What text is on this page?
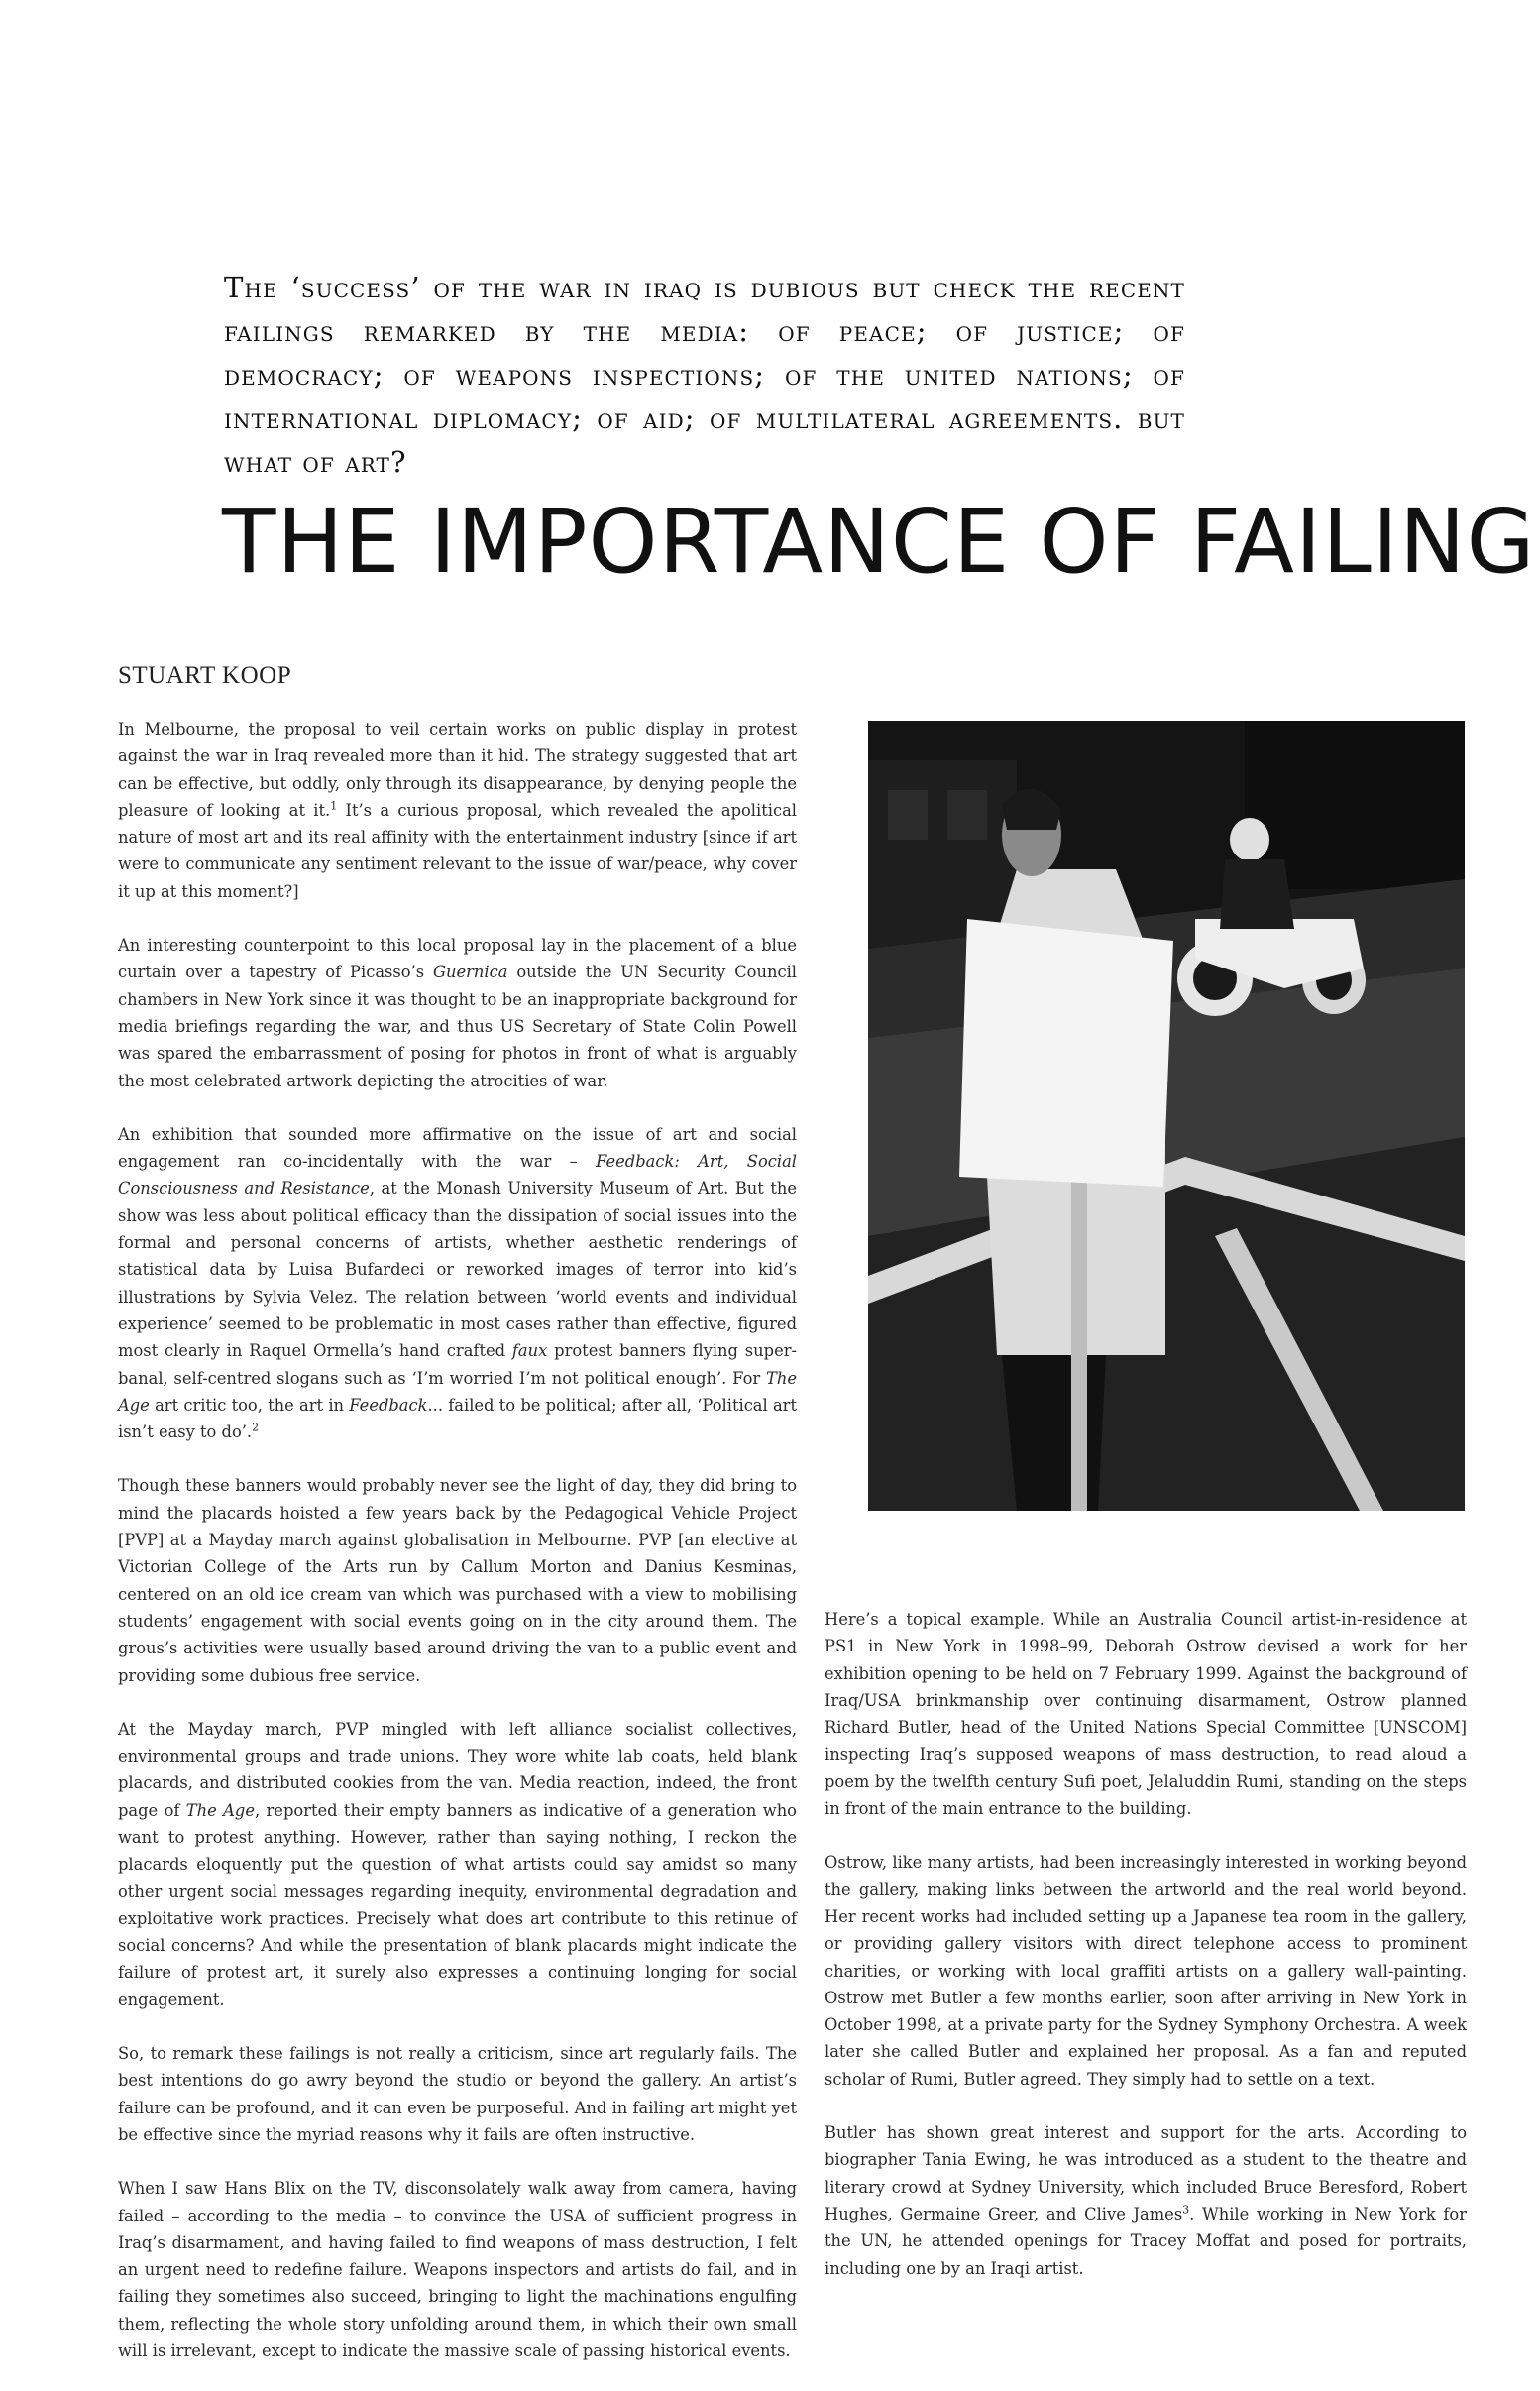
The ‘success’ of the war in iraq is dubious but check the recent failings remarked by the media: of peace; of justice; of democracy; of weapons inspections; of the united nations; of international diplomacy; of aid; of multilateral agreements. but what of art?

THE IMPORTANCE OF FAILING
STUART KOOP

In Melbourne, the proposal to veil certain works on public display in protest against the war in Iraq revealed more than it hid. The strategy suggested that art can be effective, but oddly, only through its disappearance, by denying people the pleasure of looking at it.$^1$ It’s a curious proposal, which revealed the apolitical nature of most art and its real affinity with the entertainment industry [since if art were to communicate any sentiment relevant to the issue of war/peace, why cover it up at this moment?]

An interesting counterpoint to this local proposal lay in the placement of a blue curtain over a tapestry of Picasso’s Guernica outside the UN Security Council chambers in New York since it was thought to be an inappropriate background for media briefings regarding the war, and thus US Secretary of State Colin Powell was spared the embarrassment of posing for photos in front of what is arguably the most celebrated artwork depicting the atrocities of war.

An exhibition that sounded more affirmative on the issue of art and social engagement ran co-incidentally with the war – Feedback: Art, Social Consciousness and Resistance, at the Monash University Museum of Art. But the show was less about political efficacy than the dissipation of social issues into the formal and personal concerns of artists, whether aesthetic renderings of statistical data by Luisa Bufardeci or reworked images of terror into kid’s illustrations by Sylvia Velez. The relation between ‘world events and individual experience’ seemed to be problematic in most cases rather than effective, figured most clearly in Raquel Ormella’s hand crafted faux protest banners flying super-banal, self-centred slogans such as ‘I’m worried I’m not political enough’. For The Age art critic too, the art in Feedback... failed to be political; after all, ‘Political art isn’t easy to do’.$^2$

Though these banners would probably never see the light of day, they did bring to mind the placards hoisted a few years back by the Pedagogical Vehicle Project [PVP] at a Mayday march against globalisation in Melbourne. PVP [an elective at Victorian College of the Arts run by Callum Morton and Danius Kesminas, centered on an old ice cream van which was purchased with a view to mobilising students’ engagement with social events going on in the city around them. The grous’s activities were usually based around driving the van to a public event and providing some dubious free service.

At the Mayday march, PVP mingled with left alliance socialist collectives, environmental groups and trade unions. They wore white lab coats, held blank placards, and distributed cookies from the van. Media reaction, indeed, the front page of The Age, reported their empty banners as indicative of a generation who want to protest anything. However, rather than saying nothing, I reckon the placards eloquently put the question of what artists could say amidst so many other urgent social messages regarding inequity, environmental degradation and exploitative work practices. Precisely what does art contribute to this retinue of social concerns? And while the presentation of blank placards might indicate the failure of protest art, it surely also expresses a continuing longing for social engagement.

So, to remark these failings is not really a criticism, since art regularly fails. The best intentions do go awry beyond the studio or beyond the gallery. An artist’s failure can be profound, and it can even be purposeful. And in failing art might yet be effective since the myriad reasons why it fails are often instructive.

When I saw Hans Blix on the TV, disconsolately walk away from camera, having failed – according to the media – to convince the USA of sufficient progress in Iraq’s disarmament, and having failed to find weapons of mass destruction, I felt an urgent need to redefine failure. Weapons inspectors and artists do fail, and in failing they sometimes also succeed, bringing to light the machinations engulfing them, reflecting the whole story unfolding around them, in which their own small will is irrelevant, except to indicate the massive scale of passing historical events.

Here’s a topical example. While an Australia Council artist-in-residence at PS1 in New York in 1998–99, Deborah Ostrow devised a work for her exhibition opening to be held on 7 February 1999. Against the background of Iraq/USA brinkmanship over continuing disarmament, Ostrow planned Richard Butler, head of the United Nations Special Committee [UNSCOM] inspecting Iraq’s supposed weapons of mass destruction, to read aloud a poem by the twelfth century Sufi poet, Jelaluddin Rumi, standing on the steps in front of the main entrance to the building.

Ostrow, like many artists, had been increasingly interested in working beyond the gallery, making links between the artworld and the real world beyond. Her recent works had included setting up a Japanese tea room in the gallery, or providing gallery visitors with direct telephone access to prominent charities, or working with local graffiti artists on a gallery wall-painting. Ostrow met Butler a few months earlier, soon after arriving in New York in October 1998, at a private party for the Sydney Symphony Orchestra. A week later she called Butler and explained her proposal. As a fan and reputed scholar of Rumi, Butler agreed. They simply had to settle on a text.

Butler has shown great interest and support for the arts. According to biographer Tania Ewing, he was introduced as a student to the theatre and literary crowd at Sydney University, which included Bruce Beresford, Robert Hughes, Germaine Greer, and Clive James$^3$. While working in New York for the UN, he attended openings for Tracey Moffat and posed for portraits, including one by an Iraqi artist.
